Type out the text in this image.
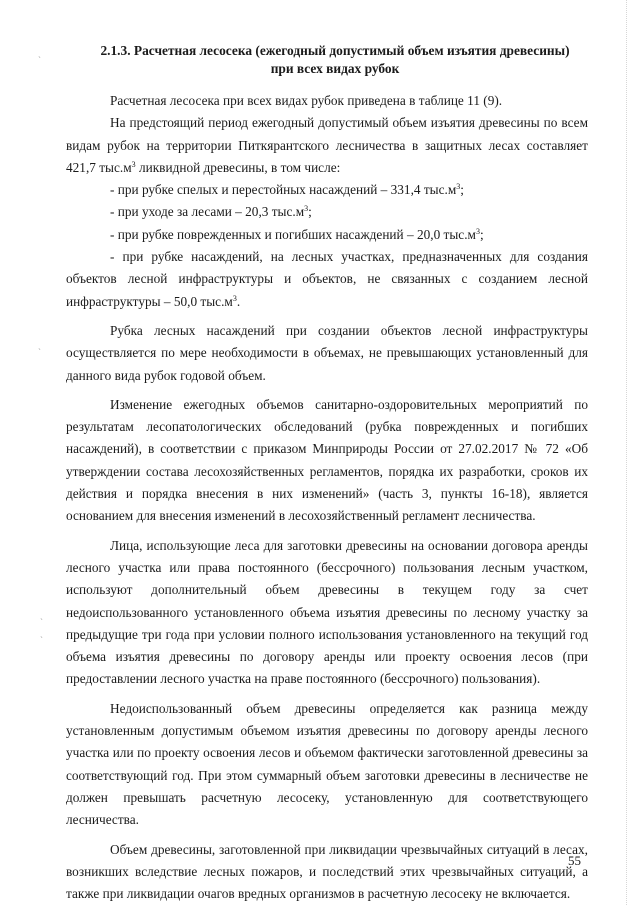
2.1.3. Расчетная лесосека (ежегодный допустимый объем изъятия древесины)
при всех видах рубок

Расчетная лесосека при всех видах рубок приведена в таблице 11 (9).

На предстоящий период ежегодный допустимый объем изъятия древесины по всем видам рубок на территории Питкярантского лесничества в защитных лесах составляет 421,7 $тыс.м^3$ ликвидной древесины, в том числе:

- при рубке спелых и перестойных насаждений – 331,4 $тыс.м^3$;

- при уходе за лесами – 20,3 $тыс.м^3$;

- при рубке поврежденных и погибших насаждений – 20,0 $тыс.м^3$;

- при рубке насаждений, на лесных участках, предназначенных для создания объектов лесной инфраструктуры и объектов, не связанных с созданием лесной инфраструктуры – 50,0 $тыс.м^3$.

Рубка лесных насаждений при создании объектов лесной инфраструктуры осуществляется по мере необходимости в объемах, не превышающих установленный для данного вида рубок годовой объем.

Изменение ежегодных объемов санитарно-оздоровительных мероприятий по результатам лесопатологических обследований (рубка поврежденных и погибших насаждений), в соответствии с приказом Минприроды России от 27.02.2017 № 72 «Об утверждении состава лесохозяйственных регламентов, порядка их разработки, сроков их действия и порядка внесения в них изменений» (часть 3, пункты 16-18), является основанием для внесения изменений в лесохозяйственный регламент лесничества.

Лица, использующие леса для заготовки древесины на основании договора аренды лесного участка или права постоянного (бессрочного) пользования лесным участком, используют дополнительный объем древесины в текущем году за счет недоиспользованного установленного объема изъятия древесины по лесному участку за предыдущие три года при условии полного использования установленного на текущий год объема изъятия древесины по договору аренды или проекту освоения лесов (при предоставлении лесного участка на праве постоянного (бессрочного) пользования).

Недоиспользованный объем древесины определяется как разница между установленным допустимым объемом изъятия древесины по договору аренды лесного участка или по проекту освоения лесов и объемом фактически заготовленной древесины за соответствующий год. При этом суммарный объем заготовки древесины в лесничестве не должен превышать расчетную лесосеку, установленную для соответствующего лесничества.

Объем древесины, заготовленной при ликвидации чрезвычайных ситуаций в лесах, возникших вследствие лесных пожаров, и последствий этих чрезвычайных ситуаций, а также при ликвидации очагов вредных организмов в расчетную лесосеку не включается.

55
ˏ
ˏ
ˏ
ˏ
